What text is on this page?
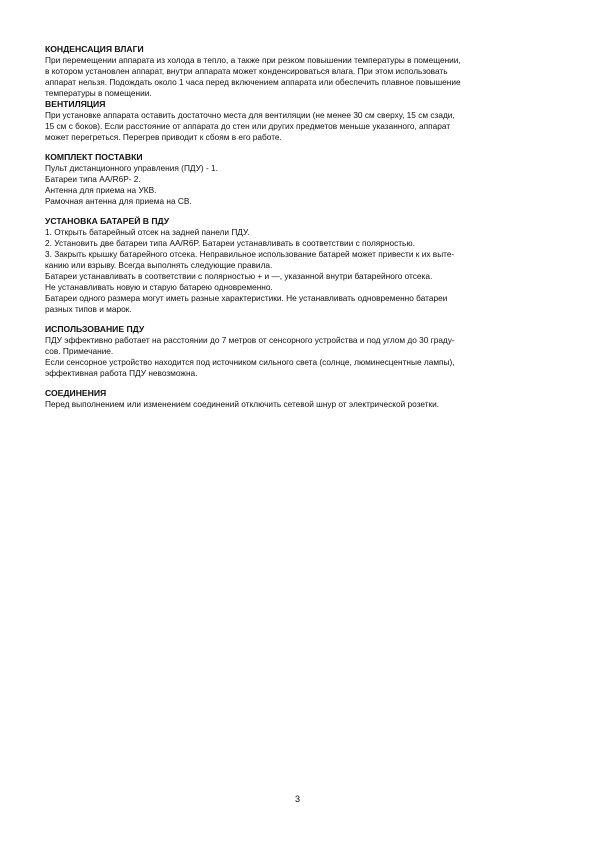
КОНДЕНСАЦИЯ ВЛАГИ

При перемещении аппарата из холода в тепло, а также при резком повышении температуры в помещении,

в котором установлен аппарат, внутри аппарата может конденсироваться влага. При этом использовать

аппарат нельзя. Подождать около 1 часа перед включением аппарата или обеспечить плавное повышение

температуры в помещении.

ВЕНТИЛЯЦИЯ

При установке аппарата оставить достаточно места для вентиляции (не менее 30 см сверху, 15 см сзади,

15 см с боков). Если расстояние от аппарата до стен или других предметов меньше указанного, аппарат

может перегреться. Перегрев приводит к сбоям в его работе.

КОМПЛЕКТ ПОСТАВКИ

Пульт дистанционного управления (ПДУ) - 1.

Батареи типа AA/R6P- 2.

Антенна для приема на УКВ.

Рамочная антенна для приема на СВ.

УСТАНОВКА БАТАРЕЙ В ПДУ

1. Открыть батарейный отсек на задней панели ПДУ.

2. Установить две батареи типа AA/R6P. Батареи устанавливать в соответствии с полярностью.

3. Закрыть крышку батарейного отсека. Неправильное использование батарей может привести к их выте-

канию или взрыву. Всегда выполнять следующие правила.

Батареи устанавливать в соответствии с полярностью + и —, указанной внутри батарейного отсека.

Не устанавливать новую и старую батарею одновременно.

Батареи одного размера могут иметь разные характеристики. Не устанавливать одновременно батареи

разных типов и марок.

ИСПОЛЬЗОВАНИЕ ПДУ

ПДУ эффективно работает на расстоянии до 7 метров от сенсорного устройства и под углом до 30 граду-

сов. Примечание.

Если сенсорное устройство находится под источником сильного света (солнце, люминесцентные лампы),

эффективная работа ПДУ невозможна.

СОЕДИНЕНИЯ

Перед выполнением или изменением соединений отключить сетевой шнур от электрической розетки.

3
